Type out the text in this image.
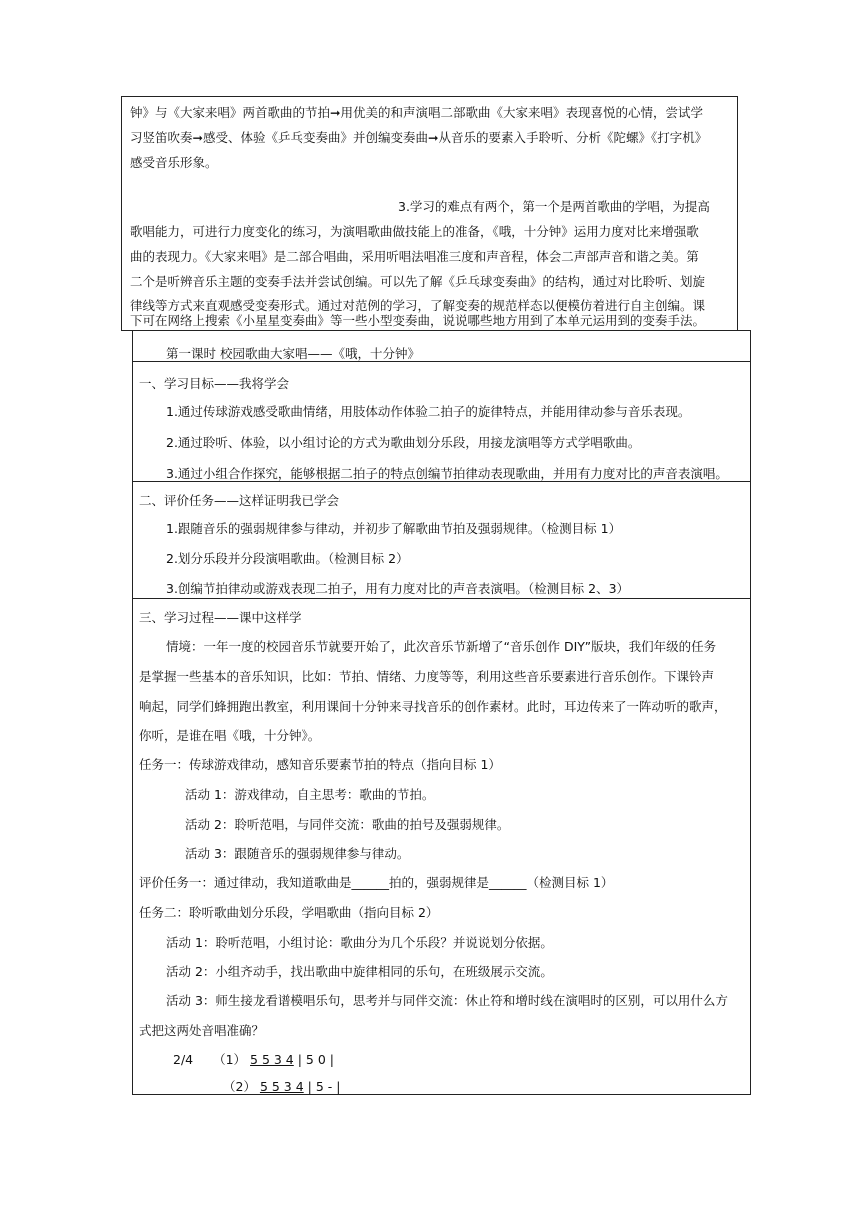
钟》与《大家来唱》两首歌曲的节拍➞用优美的和声演唱二部歌曲《大家来唱》表现喜悦的心情，尝试学
习竖笛吹奏➞感受、体验《乒乓变奏曲》并创编变奏曲➞从音乐的要素入手聆听、分析《陀螺》《打字机》
感受音乐形象。
3.学习的难点有两个，第一个是两首歌曲的学唱，为提高
歌唱能力，可进行力度变化的练习，为演唱歌曲做技能上的准备，《哦，十分钟》运用力度对比来增强歌
曲的表现力。《大家来唱》是二部合唱曲，采用听唱法唱准三度和声音程，体会二声部声音和谐之美。第
二个是听辨音乐主题的变奏手法并尝试创编。可以先了解《乒乓球变奏曲》的结构，通过对比聆听、划旋
律线等方式来直观感受变奏形式。通过对范例的学习，了解变奏的规范样态以便模仿着进行自主创编。课
下可在网络上搜索《小星星变奏曲》等一些小型变奏曲，说说哪些地方用到了本单元运用到的变奏手法。
第一课时 校园歌曲大家唱——《哦，十分钟》
一、学习目标——我将学会
1.通过传球游戏感受歌曲情绪，用肢体动作体验二拍子的旋律特点，并能用律动参与音乐表现。
2.通过聆听、体验，以小组讨论的方式为歌曲划分乐段，用接龙演唱等方式学唱歌曲。
3.通过小组合作探究，能够根据二拍子的特点创编节拍律动表现歌曲，并用有力度对比的声音表演唱。
二、评价任务——这样证明我已学会
1.跟随音乐的强弱规律参与律动，并初步了解歌曲节拍及强弱规律。（检测目标 1）
2.划分乐段并分段演唱歌曲。（检测目标 2）
3.创编节拍律动或游戏表现二拍子，用有力度对比的声音表演唱。（检测目标 2、3）
三、学习过程——课中这样学
情境：一年一度的校园音乐节就要开始了，此次音乐节新增了“音乐创作 DIY”版块，我们年级的任务
是掌握一些基本的音乐知识，比如：节拍、情绪、力度等等，利用这些音乐要素进行音乐创作。下课铃声
响起，同学们蜂拥跑出教室，利用课间十分钟来寻找音乐的创作素材。此时，耳边传来了一阵动听的歌声，
你听，是谁在唱《哦，十分钟》。
任务一：传球游戏律动，感知音乐要素节拍的特点（指向目标 1）
活动 1：游戏律动，自主思考：歌曲的节拍。
活动 2：聆听范唱，与同伴交流：歌曲的拍号及强弱规律。
活动 3：跟随音乐的强弱规律参与律动。
评价任务一：通过律动，我知道歌曲是______拍的，强弱规律是______（检测目标 1）
任务二：聆听歌曲划分乐段，学唱歌曲（指向目标 2）
活动 1：聆听范唱，小组讨论：歌曲分为几个乐段？并说说划分依据。
活动 2：小组齐动手，找出歌曲中旋律相同的乐句，在班级展示交流。
活动 3：师生接龙看谱模唱乐句，思考并与同伴交流：休止符和增时线在演唱时的区别，可以用什么方
式把这两处音唱准确？
2/4 （1） 5 5 3 4 | 5 0 |
（2） 5 5 3 4 | 5 - |
